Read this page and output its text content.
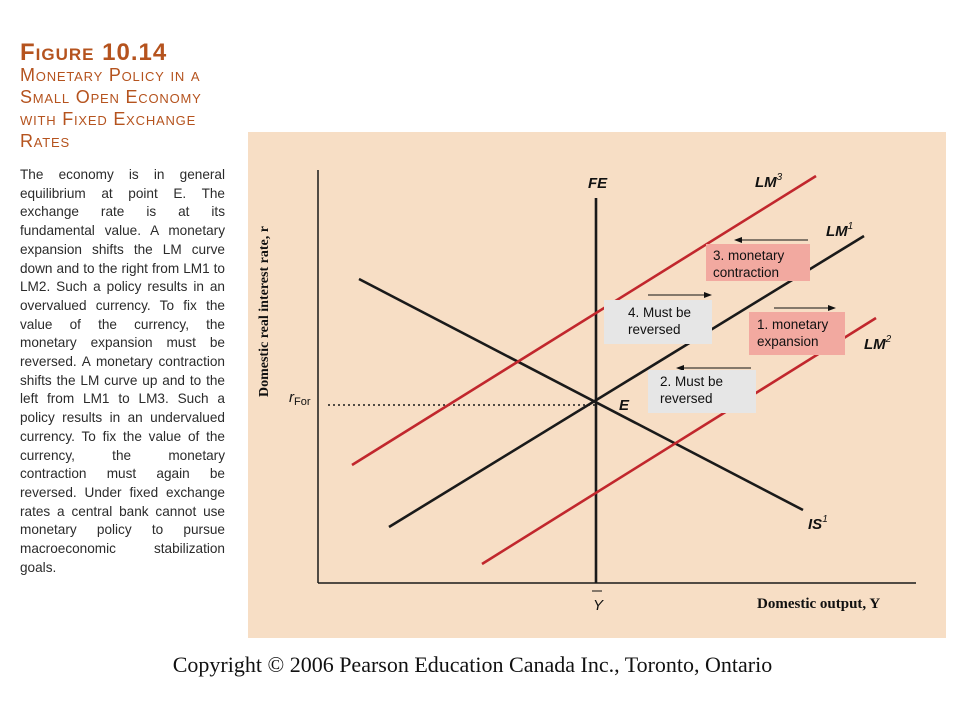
Figure 10.14
Monetary Policy in a
Small Open Economy
with Fixed Exchange
Rates
The economy is in general equilibrium at point E. The exchange rate is at its fundamental value. A monetary expansion shifts the LM curve down and to the right from LM1 to LM2. Such a policy results in an overvalued currency. To fix the value of the currency, the monetary expansion must be reversed. A monetary contraction shifts the LM curve up and to the left from LM1 to LM3. Such a policy results in an undervalued currency. To fix the value of the currency, the monetary contraction must again be reversed. Under fixed exchange rates a central bank cannot use monetary policy to pursue macroeconomic stabilization goals.
Domestic real interest rate, r
Domestic output, Y
$r_{For}$
Y
FE
$IS^1$
$LM^1$
$LM^3$
$LM^2$
E
3. monetary
contraction
4. Must be
reversed	1. monetary
expansion
2. Must be
reversed
Copyright © 2006 Pearson Education Canada Inc., Toronto, Ontario
